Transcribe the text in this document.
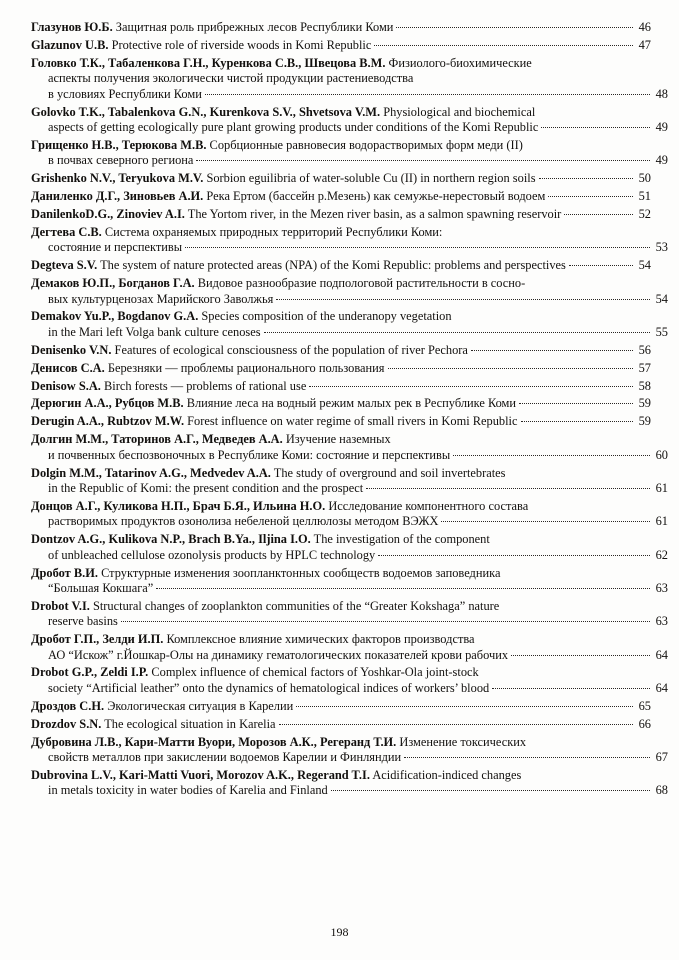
Глазунов Ю.Б. Защитная роль прибрежных лесов Республики Коми	46
Glazunov U.B. Protective role of riverside woods in Komi Republic	47
Головко Т.К., Табаленкова Г.Н., Куренкова С.В., Швецова В.М. Физиолого-биохимические
аспекты получения экологически чистой продукции растениеводства
в условиях Республики Коми	48
Golovko T.K., Tabalenkova G.N., Kurenkova S.V., Shvetsova V.M. Physiological and biochemical
aspects of getting ecologically pure plant growing products under conditions of the Komi Republic	49
Грищенко Н.В., Терюкова М.В. Сорбционные равновесия водорастворимых форм меди (II)
в почвах северного региона	49
Grishenko N.V., Teryukova M.V. Sorbion eguilibria of water-soluble Cu (II) in northern region soils	50
Даниленко Д.Г., Зиновьев А.И. Река Ертом (бассейн р.Мезень) как семужье-нерестовый водоем	51
DanilenkoD.G., Zinoviev A.I. The Yortom river, in the Mezen river basin, as a salmon spawning reservoir	52
Дегтева С.В. Система охраняемых природных территорий Республики Коми:
состояние и перспективы	53
Degteva S.V. The system of nature protected areas (NPA) of the Komi Republic: problems and perspectives	54
Демаков Ю.П., Богданов Г.А. Видовое разнообразие подпологовой растительности в сосно-
вых культурценозах Марийского Заволжья	54
Demakov Yu.P., Bogdanov G.A. Species composition of the underanopy vegetation
in the Mari left Volga bank culture cenoses	55
Denisenko V.N. Features of ecological consciousness of the population of river Pechora	56
Денисов С.А. Березняки — проблемы рационального пользования	57
Denisow S.A. Birch forests — problems of rational use	58
Дерюгин А.А., Рубцов М.В. Влияние леса на водный режим малых рек в Республике Коми	59
Derugin A.A., Rubtzov M.W. Forest influence on water regime of small rivers in Komi Republic	59
Долгин М.М., Таторинов А.Г., Медведев А.А. Изучение наземных
и почвенных беспозвоночных в Республике Коми: состояние и перспективы	60
Dolgin M.M., Tatarinov A.G., Medvedev A.A. The study of overground and soil invertebrates
in the Republic of Komi: the present condition and the prospect	61
Донцов А.Г., Куликова Н.П., Брач Б.Я., Ильина Н.О. Исследование компонентного состава
растворимых продуктов озонолиза небеленой целлюлозы методом ВЭЖХ	61
Dontzov A.G., Kulikova N.P., Brach B.Ya., Iljina I.O. The investigation of the component
of unbleached cellulose ozonolysis products by HPLC technology	62
Дробот В.И. Структурные изменения зоопланктонных сообществ водоемов заповедника
“Большая Кокшага”	63
Drobot V.I. Structural changes of zooplankton communities of the “Greater Kokshaga” nature
reserve basins	63
Дробот Г.П., Зелди И.П. Комплексное влияние химических факторов производства
АО “Искож” г.Йошкар-Олы на динамику гематологических показателей крови рабочих	64
Drobot G.P., Zeldi I.P. Complex influence of chemical factors of Yoshkar-Ola joint-stock
society “Artificial leather” onto the dynamics of hematological indices of workers’ blood	64
Дроздов С.Н. Экологическая ситуация в Карелии	65
Drozdov S.N. The ecological situation in Karelia	66
Дубровина Л.В., Кари-Матти Вуори, Морозов А.К., Регеранд Т.И. Изменение токсических
свойств металлов при закислении водоемов Карелии и Финляндии	67
Dubrovina L.V., Kari-Matti Vuori, Morozov A.K., Regerand T.I. Acidification-indiced changes
in metals toxicity in water bodies of Karelia and Finland	68
198
